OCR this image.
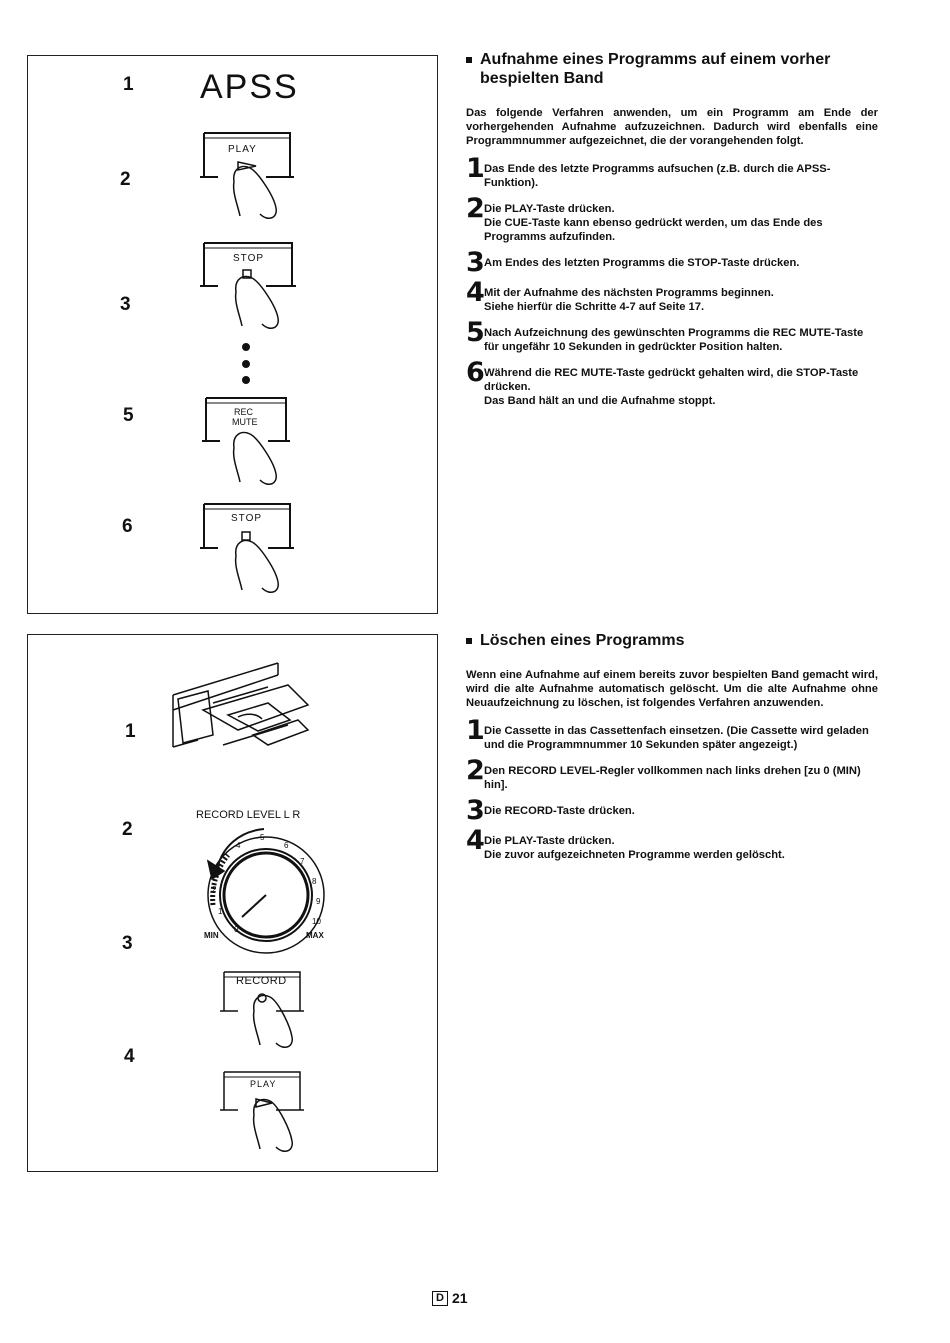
1 APSS
2
PLAY
3
STOP
5	REC
MUTE
6	STOP
Aufnahme eines Programms auf einem vorher bespielten Band

Das folgende Verfahren anwenden, um ein Programm am Ende der vorhergehenden Aufnahme aufzuzeichnen. Dadurch wird ebenfalls eine Programmnummer aufgezeichnet, die der vorangehenden folgt.

1 Das Ende des letzte Programms aufsuchen (z.B. durch die APSS-Funktion).
2 Die PLAY-Taste drücken.
Die CUE-Taste kann ebenso gedrückt werden, um das Ende des Programms aufzufinden.
3 Am Endes des letzten Programms die STOP-Taste drücken.
4 Mit der Aufnahme des nächsten Programms beginnen.
Siehe hierfür die Schritte 4-7 auf Seite 17.
5 Nach Aufzeichnung des gewünschten Programms die REC MUTE-Taste für ungefähr 10 Sekunden in gedrückter Position halten.
6 Während die REC MUTE-Taste gedrückt gehalten wird, die STOP-Taste drücken.
Das Band hält an und die Aufnahme stoppt.
1
2
RECORD LEVEL L R
0
1
2
3
4
5
6
7
8
9
10
MIN	MAX
3
RECORD
4
PLAY
Löschen eines Programms

Wenn eine Aufnahme auf einem bereits zuvor bespielten Band gemacht wird, wird die alte Aufnahme automatisch gelöscht. Um die alte Aufnahme ohne Neuaufzeichnung zu löschen, ist folgendes Verfahren anzuwenden.

1 Die Cassette in das Cassettenfach einsetzen. (Die Cassette wird geladen und die Programmnummer 10 Sekunden später angezeigt.)
2 Den RECORD LEVEL-Regler vollkommen nach links drehen [zu 0 (MIN) hin].
3 Die RECORD-Taste drücken.
4 Die PLAY-Taste drücken.
Die zuvor aufgezeichneten Programme werden gelöscht.
D 21
